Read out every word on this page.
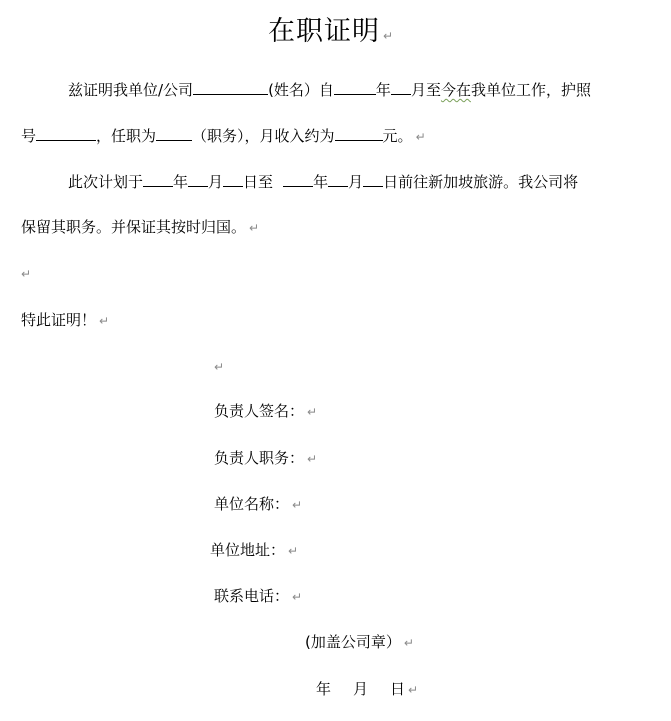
在职证明 ↵
兹证明我单位/公司	(姓名）自	年 月至今在我单位工作，护照
号	，任职为 （职务），月收入约为	元。 ↵
此次计划于 年 月 日至	年 月 日前往新加坡旅游。我公司将
保留其职务。并保证其按时归国。 ↵
↵
特此证明！ ↵
↵
负责人签名： ↵
负责人职务： ↵
单位名称： ↵
单位地址： ↵
联系电话： ↵
(加盖公司章） ↵
年 月 日 ↵
